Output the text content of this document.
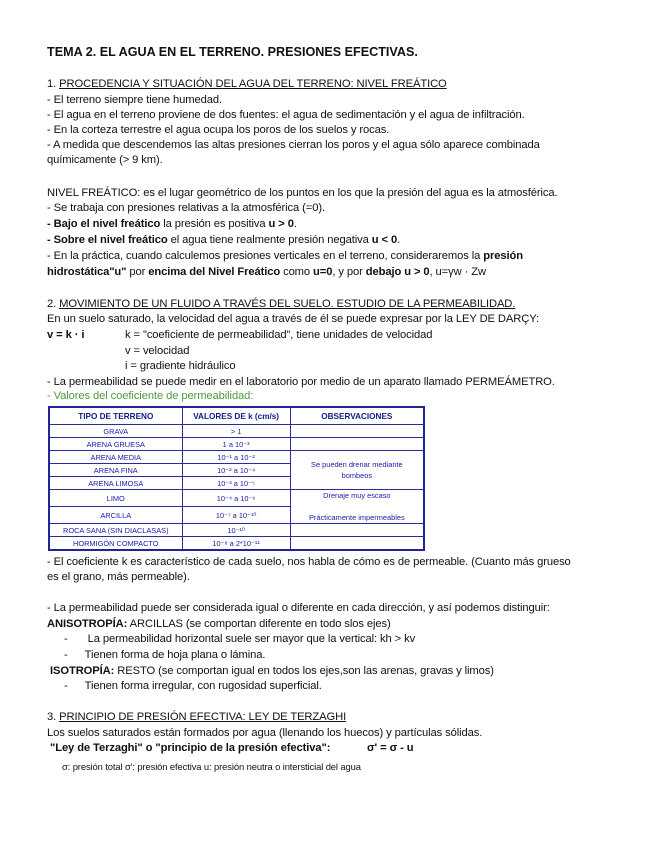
TEMA 2. EL AGUA EN EL TERRENO. PRESIONES EFECTIVAS.
1. PROCEDENCIA Y SITUACIÓN DEL AGUA DEL TERRENO: NIVEL FREÁTICO
- El terreno siempre tiene humedad.
- El agua en el terreno proviene de dos fuentes: el agua de sedimentación y el agua de infiltración.
- En la corteza terrestre el agua ocupa los poros de los suelos y rocas.
- A medida que descendemos las altas presiones cierran los poros y el agua sólo aparece combinada
químicamente (> 9 km).
NIVEL FREÁTICO: es el lugar geométrico de los puntos en los que la presión del agua es la atmosférica.
- Se trabaja con presiones relativas a la atmosférica (=0).
- Bajo el nivel freático la presión es positiva u > 0.
- Sobre el nivel freático el agua tiene realmente presión negativa u < 0.
- En la práctica, cuando calculemos presiones verticales en el terreno, consideraremos la presión
hidrostática"u" por encima del Nivel Freático como u=0, y por debajo u > 0, u=γw · Zw
2. MOVIMIENTO DE UN FLUIDO A TRAVÉS DEL SUELO. ESTUDIO DE LA PERMEABILIDAD.
En un suelo saturado, la velocidad del agua a través de él se puede expresar por la LEY DE DARÇY:
v = k · i	k = "coeficiente de permeabilidad", tiene unidades de velocidad
v = velocidad
i = gradiente hidráulico
- La permeabilidad se puede medir en el laboratorio por medio de un aparato llamado PERMEÁMETRO.
- Valores del coeficiente de permeabilidad:
TIPO DE TERRENO	VALORES DE k (cm/s)	OBSERVACIONES
GRAVA	> 1	
ARENA GRUESA	1 a 10⁻³	
ARENA MEDIA	10⁻¹ a 10⁻²	Se pueden drenar mediante
bombeos
ARENA FINA	10⁻² a 10⁻⁴	
ARENA LIMOSA	10⁻³ a 10⁻⁵	
LIMO	10⁻⁴ a 10⁻⁶	Drenaje muy escaso

Prácticamente impermeables
ARCILLA	10⁻⁷ a 10⁻¹⁰	
ROCA SANA (SIN DIACLASAS)	10⁻¹⁰	
HORMIGÓN COMPACTO	10⁻⁸ a 2*10⁻¹¹	
- El coeficiente k es característico de cada suelo, nos habla de cómo es de permeable. (Cuanto más grueso
es el grano, más permeable).
- La permeabilidad puede ser considerada igual o diferente en cada dirección, y así podemos distinguir:
ANISOTROPÍA: ARCILLAS (se comportan diferente en todo slos ejes)
- La permeabilidad horizontal suele ser mayor que la vertical: kh > kv
- Tienen forma de hoja plana o lámina.
ISOTROPÍA: RESTO (se comportan igual en todos los ejes,son las arenas, gravas y limos)
- Tienen forma irregular, con rugosidad superficial.
3. PRINCIPIO DE PRESIÓN EFECTIVA: LEY DE TERZAGHI
Los suelos saturados están formados por agua (llenando los huecos) y partículas sólidas.
"Ley de Terzaghi" o "principio de la presión efectiva":	σ' = σ - u
σ: presión total σ': presión efectiva u: presión neutra o intersticial del agua
